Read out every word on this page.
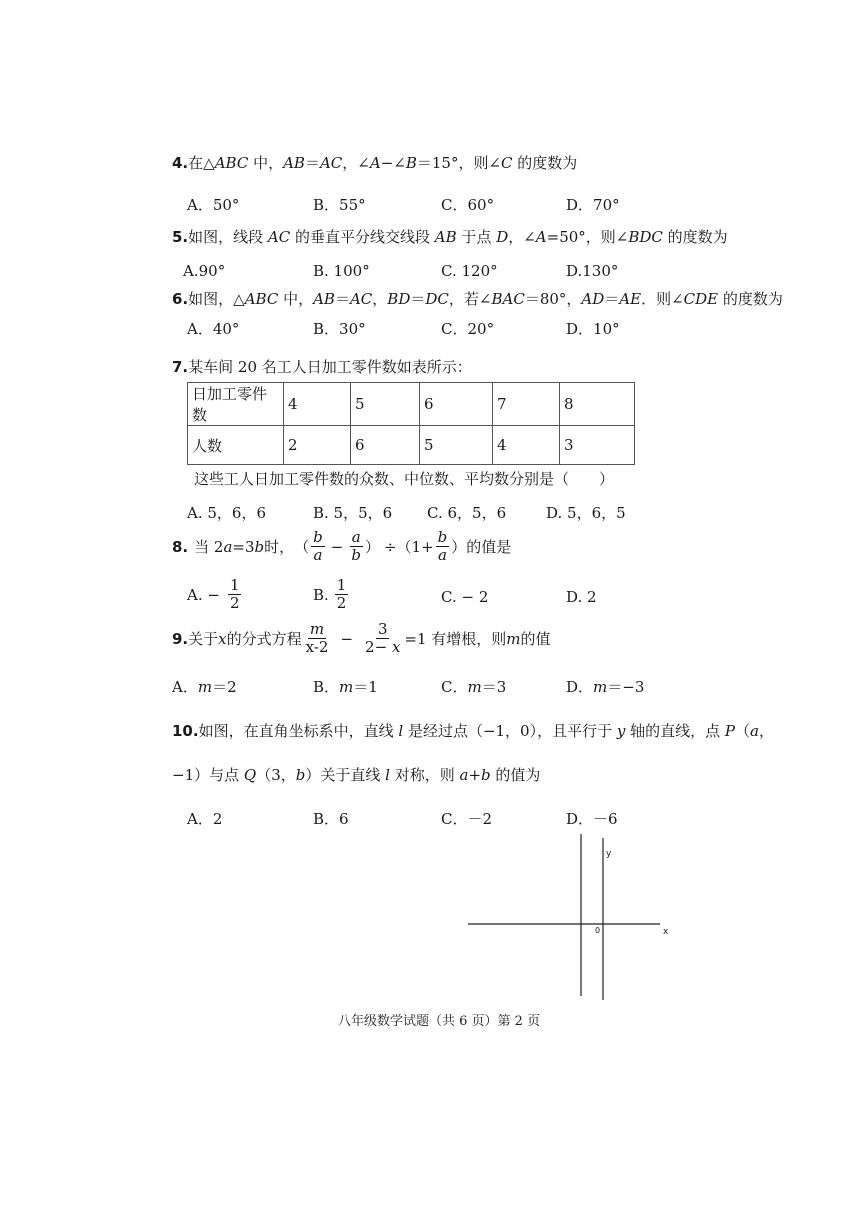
4.在△ABC 中，AB＝AC，∠A−∠B＝15°，则∠C 的度数为
A．50°	B．55°	C．60°	D．70°
5.如图，线段 AC 的垂直平分线交线段 AB 于点 D，∠A=50°，则∠BDC 的度数为
A.90°	B. 100°	C. 120°	D.130°
6.如图，△ABC 中，AB＝AC，BD＝DC，若∠BAC＝80°，AD＝AE．则∠CDE 的度数为
A．40°	B．30°	C．20°	D．10°
7.某车间 20 名工人日加工零件数如表所示：
日加工零件数	4	5	6	7	8
人数	2	6	5	4	3
这些工人日加工零件数的众数、中位数、平均数分别是（　　）
A. 5，6，6	B. 5，5，6 C. 6，5，6	D. 5，6，5
8. 当 2 a =3 b 时， （ $\frac{b}{a} - \frac{a}{b}$ ） $\div(1+ \frac{b}{a}$ ）的值是
A. − $\frac{1}{2}$	B. $\frac{1}{2}$	C. − 2	D. 2
9. 关于 x 的分式方程 $\frac{m}{x-2} - \frac{3}{2- x} =1$ 有增根，则 m 的值
A．m＝2	B．m＝1	C．m＝3	D．m＝−3
10.如图，在直角坐标系中，直线 l 是经过点（−1，0），且平行于 y 轴的直线，点 P（a，
−1）与点 Q（3，b）关于直线 l 对称，则 a+b 的值为
A．2	B．6	C．－2	D．－6
y
0	x
八年级数学试题（共 6 页）第 2 页
